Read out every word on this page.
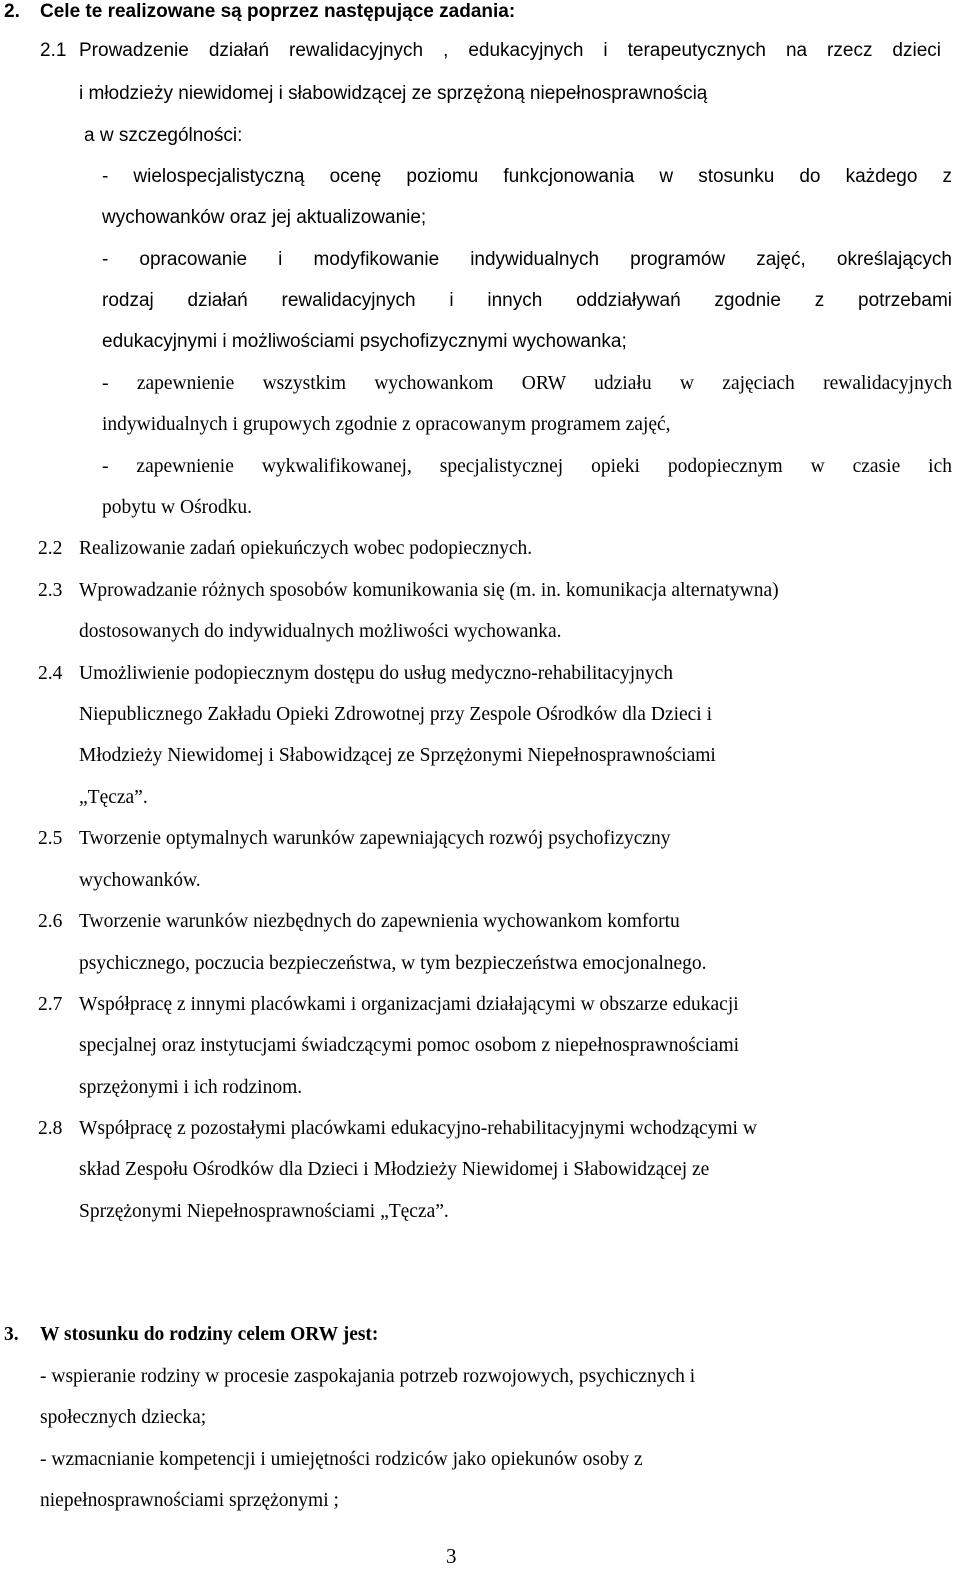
2. Cele te realizowane są poprzez następujące zadania:
2.1 Prowadzenie działań rewalidacyjnych , edukacyjnych i terapeutycznych na rzecz dzieci
i młodzieży niewidomej i słabowidzącej ze sprzężoną niepełnosprawnością
a w szczególności:
- wielospecjalistyczną ocenę poziomu funkcjonowania w stosunku do każdego z
wychowanków oraz jej aktualizowanie;
- opracowanie i modyfikowanie indywidualnych programów zajęć, określających
rodzaj działań rewalidacyjnych i innych oddziaływań zgodnie z potrzebami
edukacyjnymi i możliwościami psychofizycznymi wychowanka;
- zapewnienie wszystkim wychowankom ORW udziału w zajęciach rewalidacyjnych
indywidualnych i grupowych zgodnie z opracowanym programem zajęć,
- zapewnienie wykwalifikowanej, specjalistycznej opieki podopiecznym w czasie ich
pobytu w Ośrodku.
2.2 Realizowanie zadań opiekuńczych wobec podopiecznych.
2.3 Wprowadzanie różnych sposobów komunikowania się (m. in. komunikacja alternatywna)
dostosowanych do indywidualnych możliwości wychowanka.
2.4 Umożliwienie podopiecznym dostępu do usług medyczno-rehabilitacyjnych
Niepublicznego Zakładu Opieki Zdrowotnej przy Zespole Ośrodków dla Dzieci i
Młodzieży Niewidomej i Słabowidzącej ze Sprzężonymi Niepełnosprawnościami
„Tęcza”.
2.5 Tworzenie optymalnych warunków zapewniających rozwój psychofizyczny
wychowanków.
2.6 Tworzenie warunków niezbędnych do zapewnienia wychowankom komfortu
psychicznego, poczucia bezpieczeństwa, w tym bezpieczeństwa emocjonalnego.
2.7 Współpracę z innymi placówkami i organizacjami działającymi w obszarze edukacji
specjalnej oraz instytucjami świadczącymi pomoc osobom z niepełnosprawnościami
sprzężonymi i ich rodzinom.
2.8 Współpracę z pozostałymi placówkami edukacyjno-rehabilitacyjnymi wchodzącymi w
skład Zespołu Ośrodków dla Dzieci i Młodzieży Niewidomej i Słabowidzącej ze
Sprzężonymi Niepełnosprawnościami „Tęcza”.
3. W stosunku do rodziny celem ORW jest:
- wspieranie rodziny w procesie zaspokajania potrzeb rozwojowych, psychicznych i
społecznych dziecka;
- wzmacnianie kompetencji i umiejętności rodziców jako opiekunów osoby z
niepełnosprawnościami sprzężonymi ;
3
